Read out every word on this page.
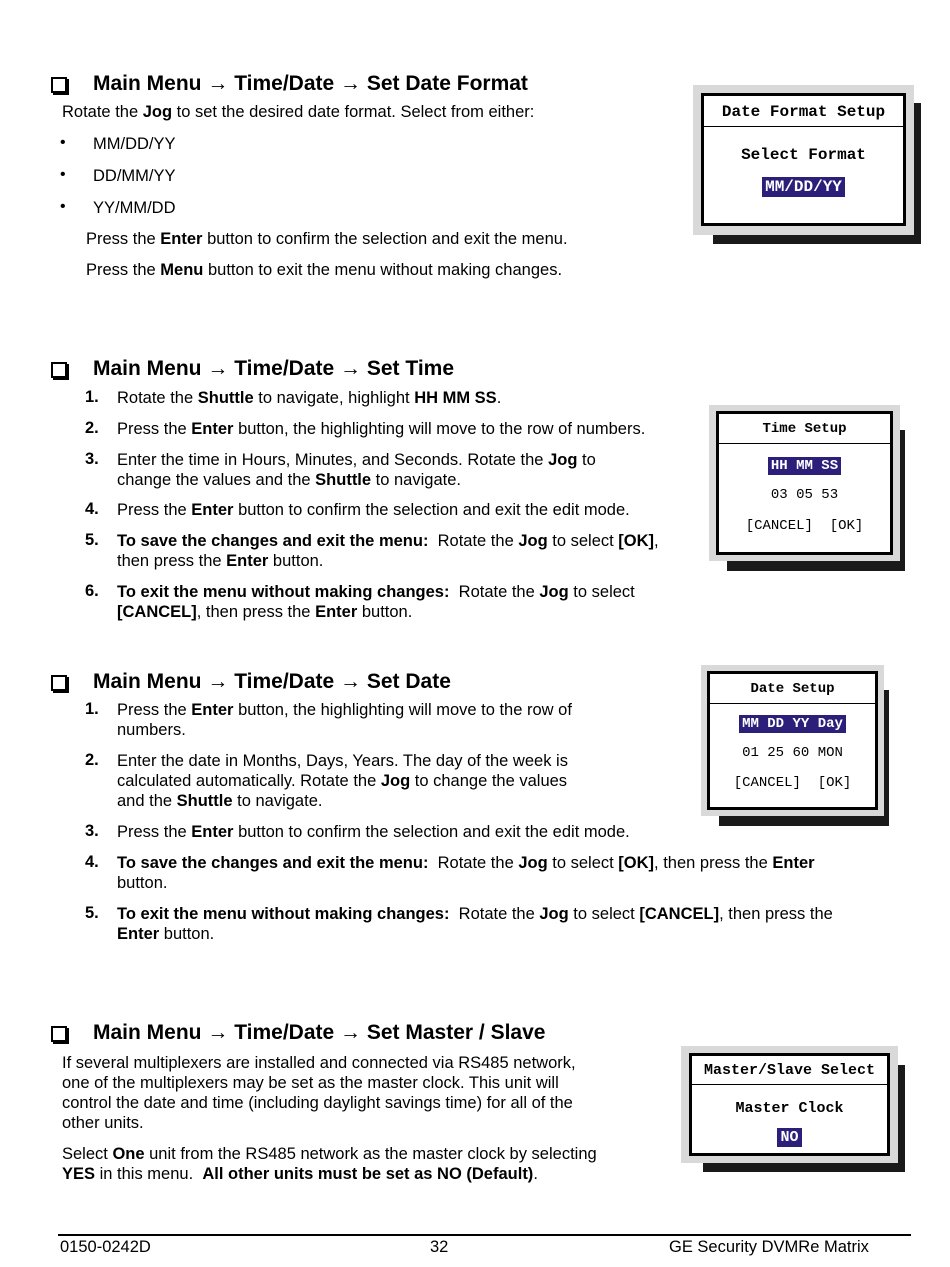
Main Menu → Time/Date → Set Date Format
Rotate the Jog to set the desired date format. Select from either:
• MM/DD/YY
• DD/MM/YY
• YY/MM/DD
Press the Enter button to confirm the selection and exit the menu.
Press the Menu button to exit the menu without making changes.
Date Format Setup
Select Format
MM/DD/YY
Main Menu → Time/Date → Set Time
1. Rotate the Shuttle to navigate, highlight HH MM SS.
2. Press the Enter button, the highlighting will move to the row of numbers.
3. Enter the time in Hours, Minutes, and Seconds. Rotate the Jog to
change the values and the Shuttle to navigate.
4. Press the Enter button to confirm the selection and exit the edit mode.
5. To save the changes and exit the menu:  Rotate the Jog to select [OK],
then press the Enter button.
6. To exit the menu without making changes:  Rotate the Jog to select
[CANCEL], then press the Enter button.
Time Setup
HH MM SS
03 05 53
[CANCEL]  [OK]
Main Menu → Time/Date → Set Date
1. Press the Enter button, the highlighting will move to the row of
numbers.
2. Enter the date in Months, Days, Years. The day of the week is
calculated automatically. Rotate the Jog to change the values
and the Shuttle to navigate.
3. Press the Enter button to confirm the selection and exit the edit mode.
4. To save the changes and exit the menu:  Rotate the Jog to select [OK], then press the Enter
button.
5. To exit the menu without making changes:  Rotate the Jog to select [CANCEL], then press the
Enter button.
Date Setup
MM DD YY Day
01 25 60 MON
[CANCEL]  [OK]
Main Menu → Time/Date → Set Master / Slave
If several multiplexers are installed and connected via RS485 network,
one of the multiplexers may be set as the master clock. This unit will
control the date and time (including daylight savings time) for all of the
other units.
Select One unit from the RS485 network as the master clock by selecting
YES in this menu.  All other units must be set as NO (Default).
Master/Slave Select
Master Clock
NO
0150-0242D	32	GE Security DVMRe Matrix
